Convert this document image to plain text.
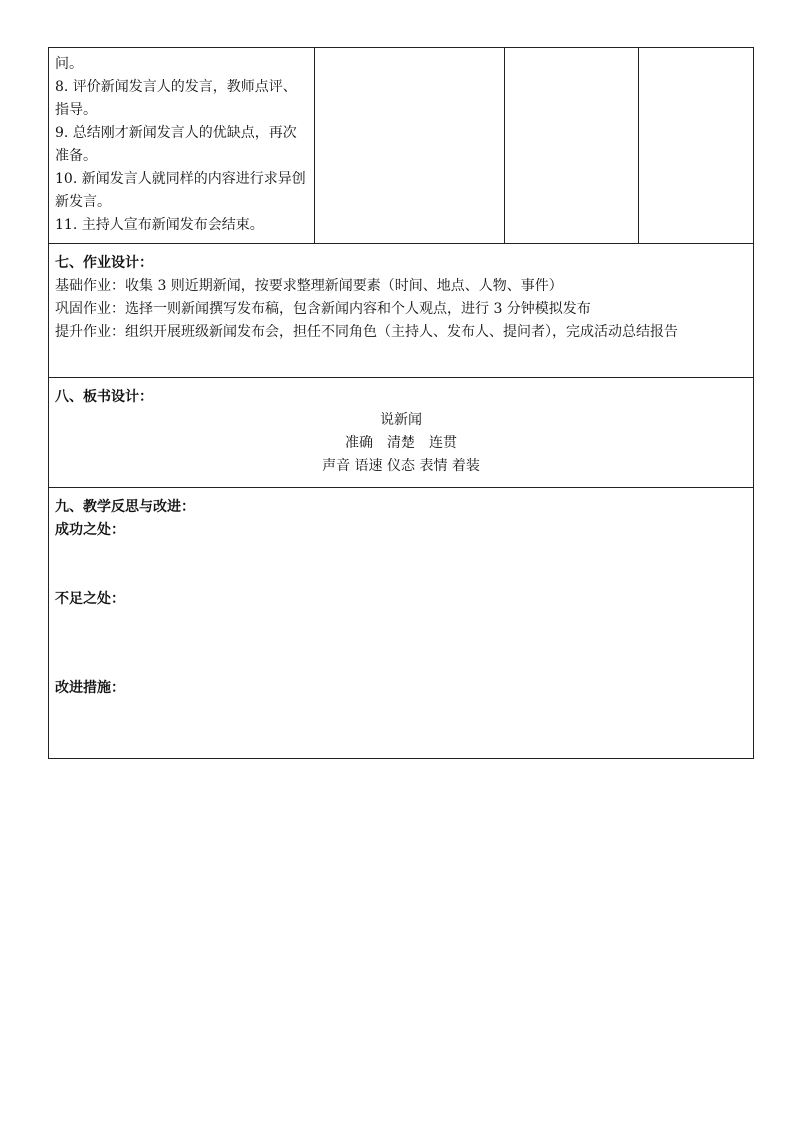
问。
8. 评价新闻发言人的发言，教师点评、指导。
9. 总结刚才新闻发言人的优缺点，再次准备。
10. 新闻发言人就同样的内容进行求异创新发言。
11. 主持人宣布新闻发布会结束。

七、作业设计：
基础作业：收集 3 则近期新闻，按要求整理新闻要素（时间、地点、人物、事件）
巩固作业：选择一则新闻撰写发布稿，包含新闻内容和个人观点，进行 3 分钟模拟发布
提升作业：组织开展班级新闻发布会，担任不同角色（主持人、发布人、提问者），完成活动总结报告

八、板书设计：
说新闻
准确　清楚　连贯
声音 语速 仪态 表情 着装

九、教学反思与改进：
成功之处：
不足之处：
改进措施：
